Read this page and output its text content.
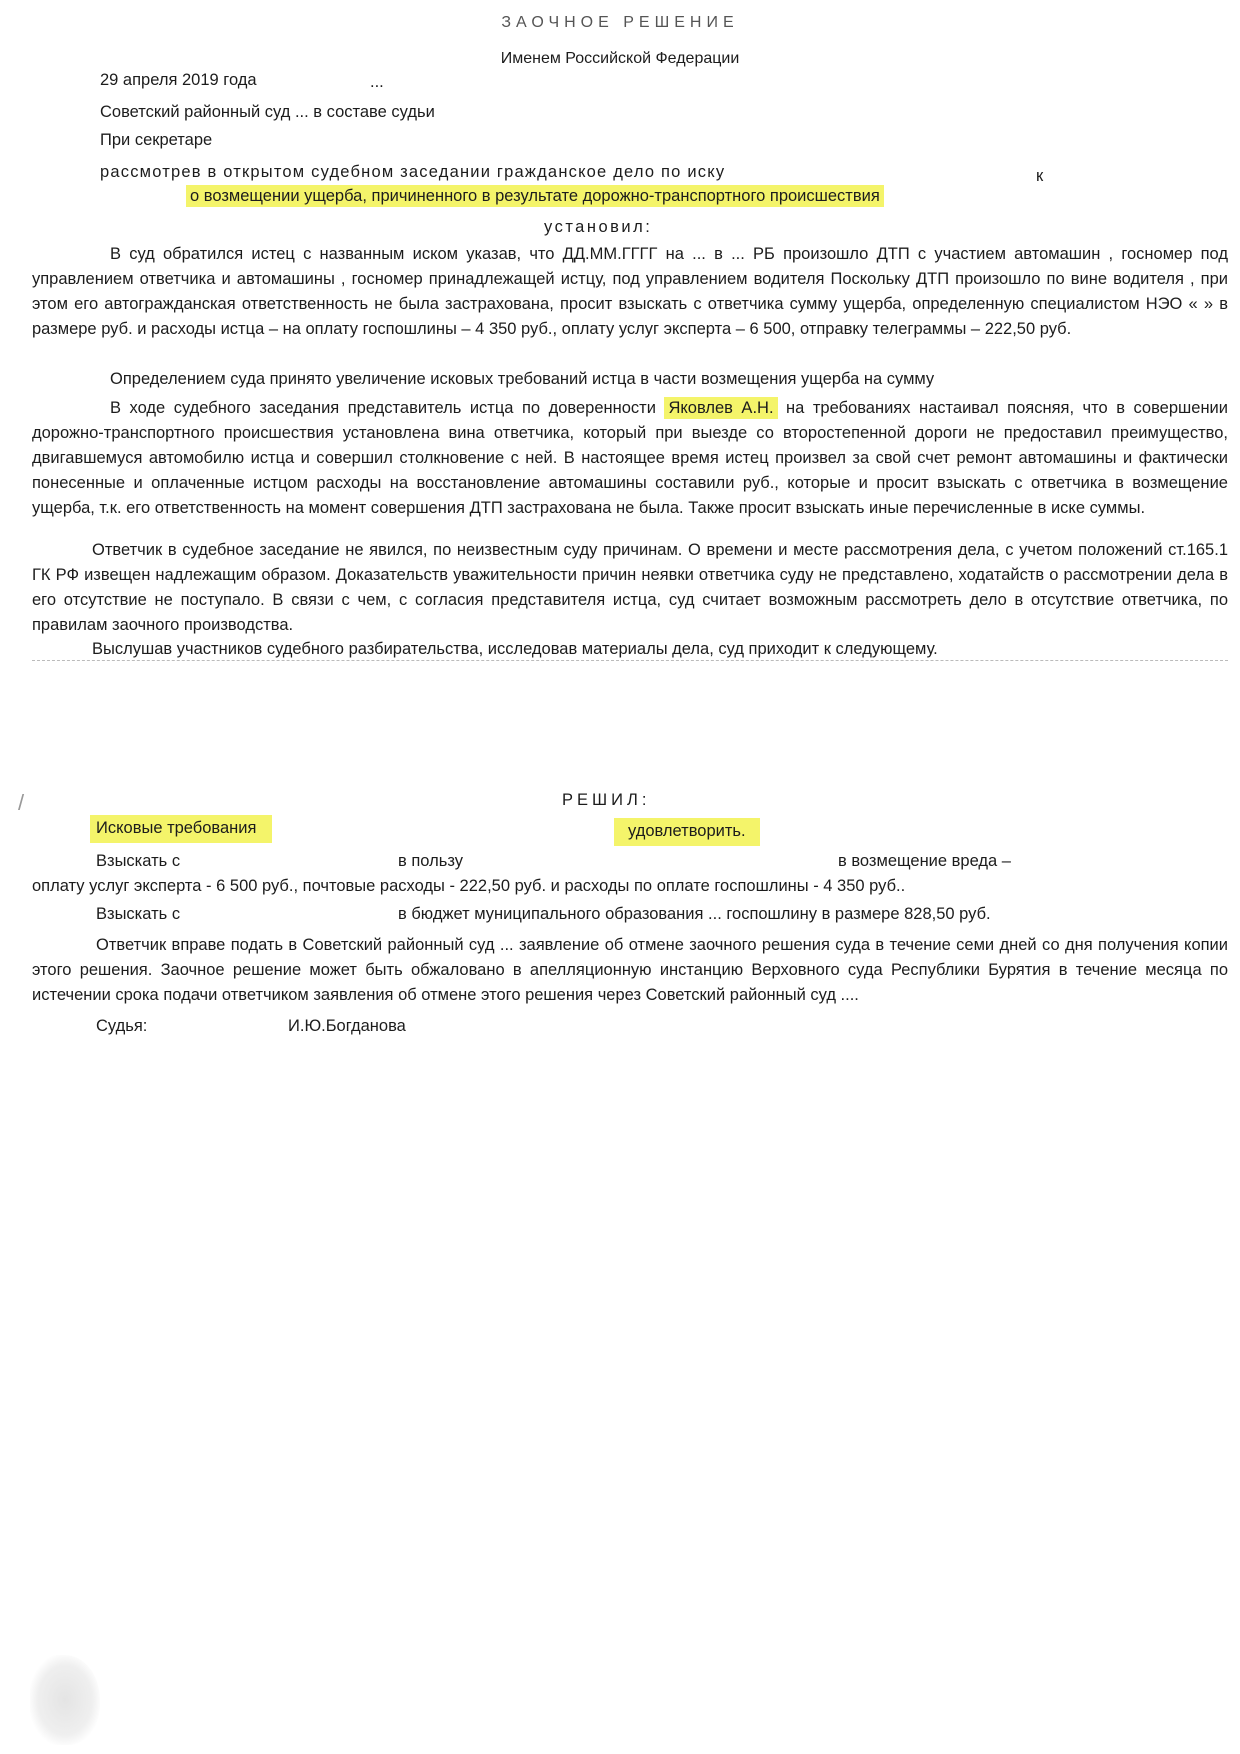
ЗАОЧНОЕ РЕШЕНИЕ
Именем Российской Федерации
29 апреля 2019 года	...
Советский районный суд ... в составе судьи
При секретаре
рассмотрев в открытом судебном заседании гражданское дело по иску	к
о возмещении ущерба, причиненного в результате дорожно-транспортного происшествия
установил:
В суд обратился истец с названным иском указав, что ДД.ММ.ГГГГ на ... в ... РБ произошло ДТП с участием автомашин , госномер под управлением ответчика и автомашины , госномер принадлежащей истцу, под управлением водителя Поскольку ДТП произошло по вине водителя , при этом его автогражданская ответственность не была застрахована, просит взыскать с ответчика сумму ущерба, определенную специалистом НЭО « » в размере руб. и расходы истца – на оплату госпошлины – 4 350 руб., оплату услуг эксперта – 6 500, отправку телеграммы – 222,50 руб.
Определением суда принято увеличение исковых требований истца в части возмещения ущерба на сумму
В ходе судебного заседания представитель истца по доверенности Яковлев А.Н. на требованиях настаивал поясняя, что в совершении дорожно-транспортного происшествия установлена вина ответчика, который при выезде со второстепенной дороги не предоставил преимущество, двигавшемуся автомобилю истца и совершил столкновение с ней. В настоящее время истец произвел за свой счет ремонт автомашины и фактически понесенные и оплаченные истцом расходы на восстановление автомашины составили руб., которые и просит взыскать с ответчика в возмещение ущерба, т.к. его ответственность на момент совершения ДТП застрахована не была. Также просит взыскать иные перечисленные в иске суммы.
Ответчик в судебное заседание не явился, по неизвестным суду причинам. О времени и месте рассмотрения дела, с учетом положений ст.165.1 ГК РФ извещен надлежащим образом. Доказательств уважительности причин неявки ответчика суду не представлено, ходатайств о рассмотрении дела в его отсутствие не поступало. В связи с чем, с согласия представителя истца, суд считает возможным рассмотреть дело в отсутствие ответчика, по правилам заочного производства.
Выслушав участников судебного разбирательства, исследовав материалы дела, суд приходит к следующему.
/	РЕШИЛ:
Исковые требования	удовлетворить.
Взыскать с	в пользу	в возмещение вреда –
оплату услуг эксперта - 6 500 руб., почтовые расходы - 222,50 руб. и расходы по оплате госпошлины - 4 350 руб..
Взыскать с	в бюджет муниципального образования ... госпошлину в размере 828,50 руб.
Ответчик вправе подать в Советский районный суд ... заявление об отмене заочного решения суда в течение семи дней со дня получения копии этого решения. Заочное решение может быть обжаловано в апелляционную инстанцию Верховного суда Республики Бурятия в течение месяца по истечении срока подачи ответчиком заявления об отмене этого решения через Советский районный суд ....
Судья:	И.Ю.Богданова
